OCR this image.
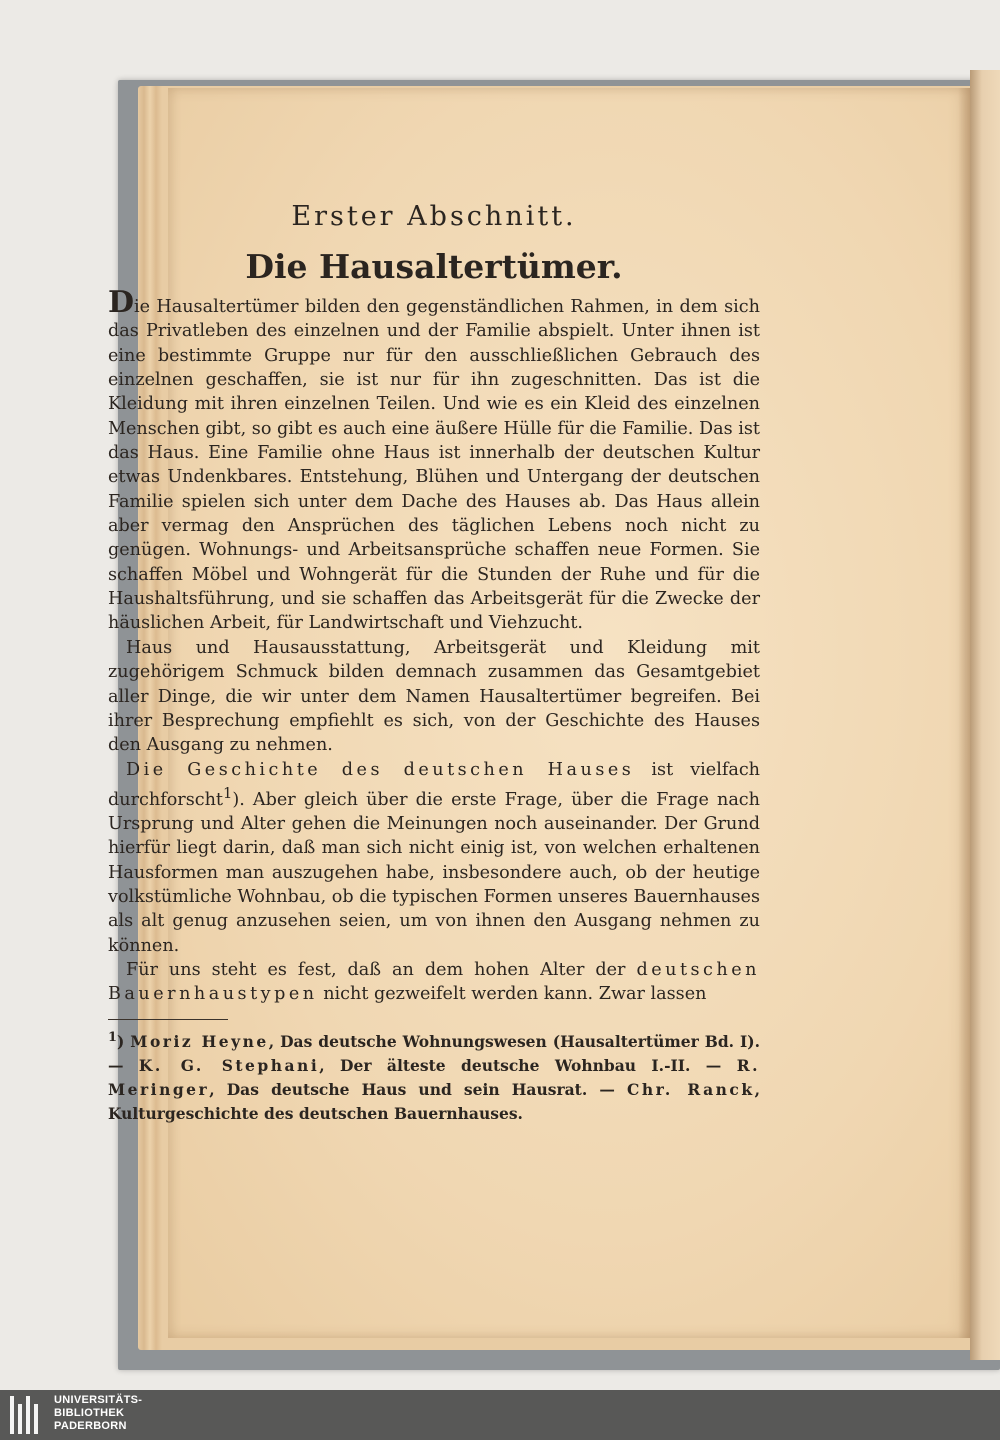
Erster Abschnitt.
Die Hausaltertümer.

Die Hausaltertümer bilden den gegenständlichen Rahmen, in dem sich das Privatleben des einzelnen und der Familie abspielt. Unter ihnen ist eine bestimmte Gruppe nur für den ausschließlichen Gebrauch des einzelnen geschaffen, sie ist nur für ihn zugeschnitten. Das ist die Kleidung mit ihren einzelnen Teilen. Und wie es ein Kleid des einzelnen Menschen gibt, so gibt es auch eine äußere Hülle für die Familie. Das ist das Haus. Eine Familie ohne Haus ist innerhalb der deutschen Kultur etwas Undenkbares. Entstehung, Blühen und Untergang der deutschen Familie spielen sich unter dem Dache des Hauses ab. Das Haus allein aber vermag den Ansprüchen des täglichen Lebens noch nicht zu genügen. Wohnungs- und Arbeitsansprüche schaffen neue Formen. Sie schaffen Möbel und Wohngerät für die Stunden der Ruhe und für die Haushaltsführung, und sie schaffen das Arbeitsgerät für die Zwecke der häuslichen Arbeit, für Landwirtschaft und Viehzucht.

Haus und Hausausstattung, Arbeitsgerät und Kleidung mit zugehörigem Schmuck bilden demnach zusammen das Gesamtgebiet aller Dinge, die wir unter dem Namen Hausaltertümer begreifen. Bei ihrer Besprechung empfiehlt es sich, von der Geschichte des Hauses den Ausgang zu nehmen.

Die Geschichte des deutschen Hauses ist vielfach durchforscht$^1$). Aber gleich über die erste Frage, über die Frage nach Ursprung und Alter gehen die Meinungen noch auseinander. Der Grund hierfür liegt darin, daß man sich nicht einig ist, von welchen erhaltenen Hausformen man auszugehen habe, insbesondere auch, ob der heutige volkstümliche Wohnbau, ob die typischen Formen unseres Bauernhauses als alt genug anzusehen seien, um von ihnen den Ausgang nehmen zu können.

Für uns steht es fest, daß an dem hohen Alter der deutschen Bauernhaustypen nicht gezweifelt werden kann. Zwar lassen

$^1$) Moriz Heyne, Das deutsche Wohnungswesen (Hausaltertümer Bd. I). — K. G. Stephani, Der älteste deutsche Wohnbau I.-II. — R. Meringer, Das deutsche Haus und sein Hausrat. — Chr. Ranck, Kulturgeschichte des deutschen Bauernhauses.
UNIVERSITÄTS-
BIBLIOTHEK
PADERBORN
